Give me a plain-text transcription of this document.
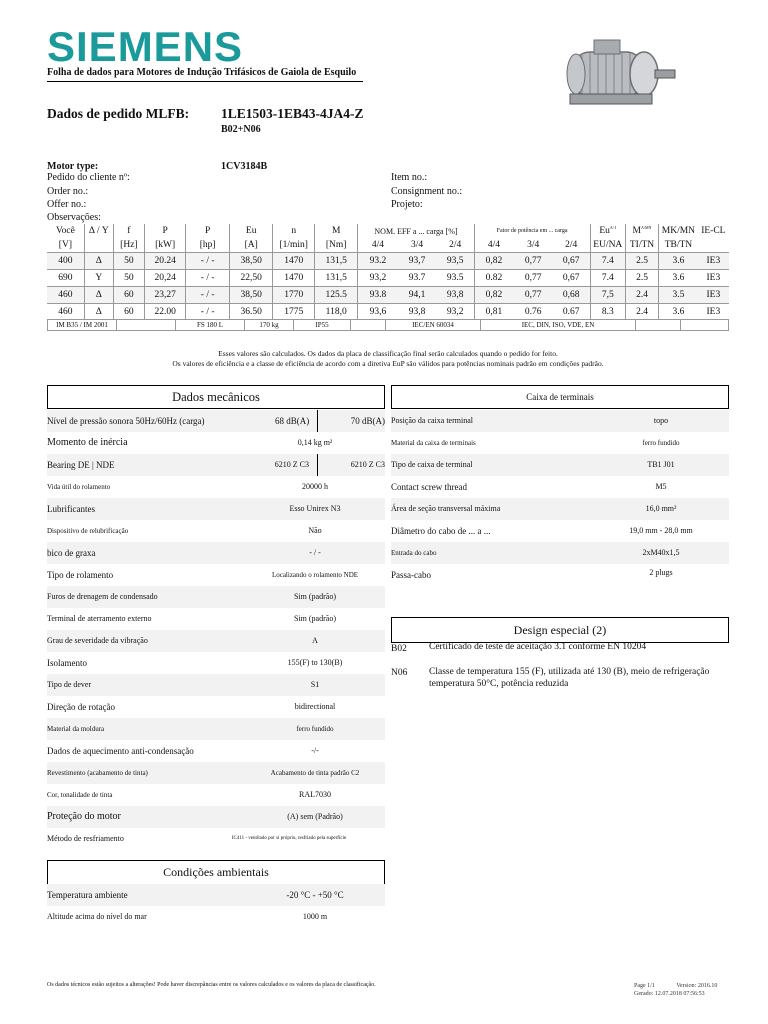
SIEMENS
Folha de dados para Motores de Indução Trifásicos de Gaiola de Esquilo
Dados de pedido MLFB: 1LE1503-1EB43-4JA4-Z
B02+N06
Motor type:	1CV3184B
Pedido do cliente nº:
Order no.:
Offer no.:
Observações:
Item no.:
Consignment no.:
Projeto:
Você	Δ / Y	f	P	P	Eu	n	M	NOM. EFF a ... carga [%]			Fator de potência em ... carga			$Eu^{A/ I}$	$M^{A/MN}$	MK/MN	IE-CL
[V]		[Hz]	[kW]	[hp]	[A]	[1/min]	[Nm]	4/4	3/4	2/4	4/4	3/4	2/4	EU/NA	TI/TN	TB/TN	
400	Δ	50	20.24	- / -	38,50	1470	131,5	93.2	93,7	93,5	0,82	0,77	0,67	7.4	2.5	3.6	IE3
690	Y	50	20,24	- / -	22,50	1470	131,5	93,2	93.7	93.5	0.82	0,77	0,67	7.4	2.5	3.6	IE3
460	Δ	60	23,27	- / -	38,50	1770	125.5	93.8	94,1	93,8	0,82	0,77	0,68	7,5	2.4	3.5	IE3
460	Δ	60	22.00	- / -	36.50	1775	118,0	93,6	93,8	93,2	0,81	0.76	0.67	8.3	2.4	3.6	IE3
IM B35 / IM 2001		FS 180 L	170 kg	IP55		IEC/EN 60034	IEC, DIN, ISO, VDE, EN		
Esses valores são calculados. Os dados da placa de classificação final serão calculados quando o pedido for feito.
Os valores de eficiência e a classe de eficiência de acordo com a diretiva EuP são válidos para potências nominais padrão em condições padrão.
Dados mecânicos
Nível de pressão sonora 50Hz/60Hz (carga)	68 dB(A)	70 dB(A)
Momento de inércia	0,14 kg m²
Bearing DE | NDE	6210 Z C3	6210 Z C3
Vida útil do rolamento	20000 h
Lubrificantes	Esso Unirex N3
Dispositivo de relubrificação	Não
bico de graxa	- / -
Tipo de rolamento	Localizando o rolamento NDE
Furos de drenagem de condensado	Sim (padrão)
Terminal de aterramento externo	Sim (padrão)
Grau de severidade da vibração	A
Isolamento	155(F) to 130(B)
Tipo de dever	S1
Direção de rotação	bidirectional
Material da moldura	ferro fundido
Dados de aquecimento anti-condensação	-/-
Revestimento (acabamento de tinta)	Acabamento de tinta padrão C2
Cor, tonalidade de tinta	RAL7030
Proteção do motor	(A) sem (Padrão)
Método de resfriamento	IC411 - ventilado por si próprio, resfriado pela superfície
Caixa de terminais
Posição da caixa terminal	topo
Material da caixa de terminais	ferro fundido
Tipo de caixa de terminal	TB1 J01
Contact screw thread	M5
Área de seção transversal máxima	16,0 mm²
Diâmetro do cabo de ... a ...	19,0 mm - 28,0 mm
Entrada do cabo	2xM40x1,5
Passa-cabo	2 plugs
Design especial (2)
B02 Certificado de teste de aceitação 3.1 conforme EN 10204
N06 Classe de temperatura 155 (F), utilizada até 130 (B), meio de refrigeração temperatura 50°C, potência reduzida
Condições ambientais
Temperatura ambiente	-20 °C - +50 °C
Altitude acima do nível do mar	1000 m
Os dados técnicos estão sujeitos a alterações! Pode haver discrepâncias entre os valores calculados e os valores da placa de classificação.	Page 1/1	Version: 2016.10
Gerado: 12.07.2018 07:56:53
